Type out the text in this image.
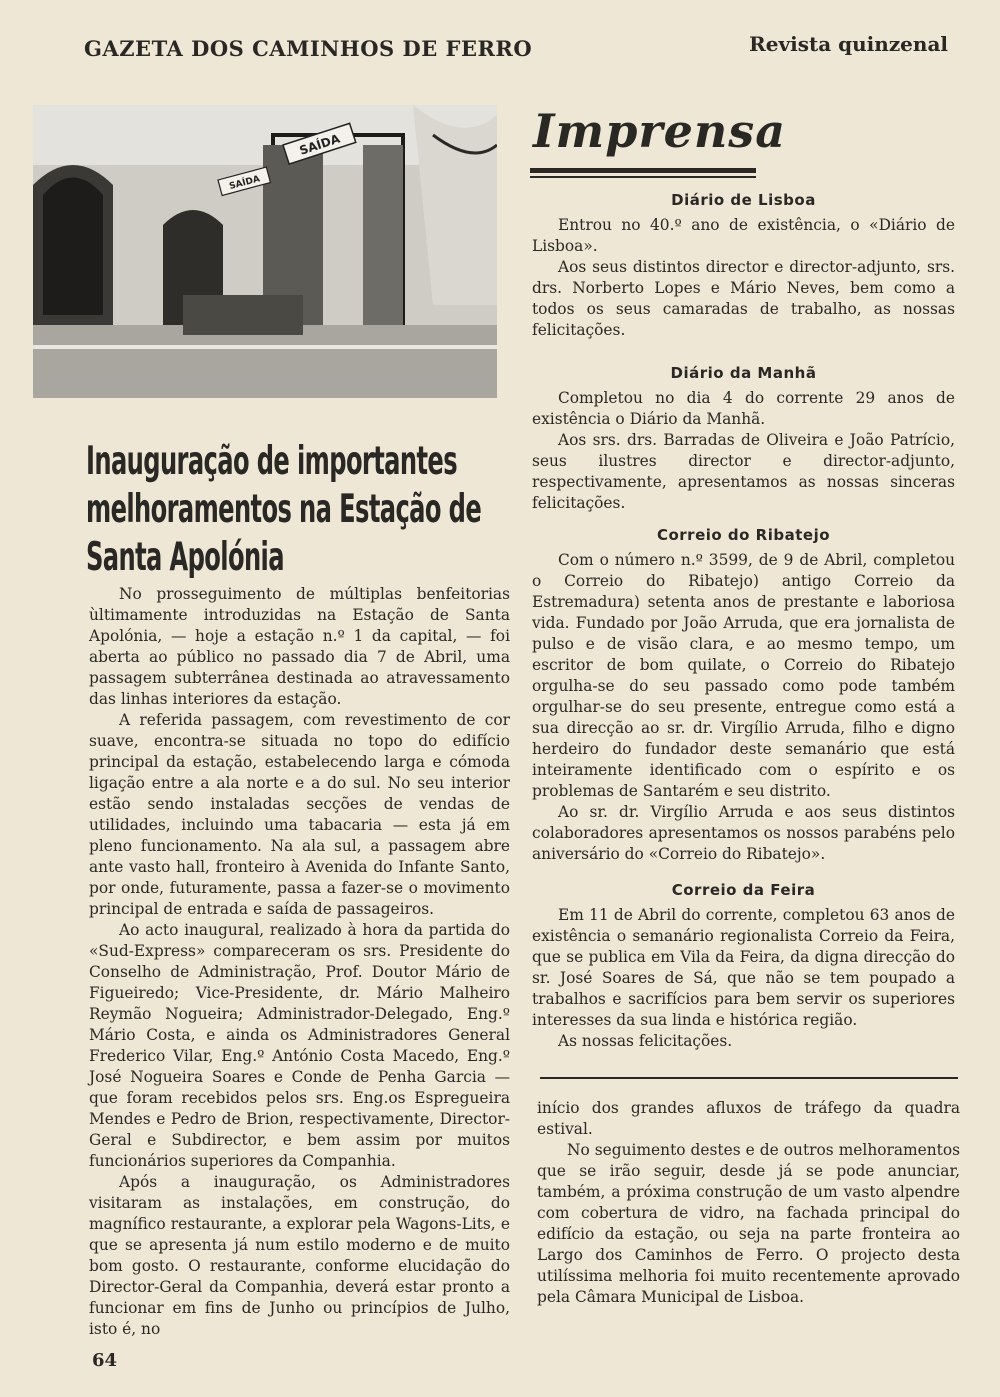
GAZETA DOS CAMINHOS DE FERRO	Revista quinzenal
SAÍDA
SAÍDA
Inauguração de importantes melhoramentos na Estação de Santa Apolónia

No prosseguimento de múltiplas benfeitorias ùltimamente introduzidas na Estação de Santa Apolónia, — hoje a estação n.º 1 da capital, — foi aberta ao público no passado dia 7 de Abril, uma passagem subterrânea destinada ao atravessamento das linhas interiores da estação.

A referida passagem, com revestimento de cor suave, encontra-se situada no topo do edifício principal da estação, estabelecendo larga e cómoda ligação entre a ala norte e a do sul. No seu interior estão sendo instaladas secções de vendas de utilidades, incluindo uma tabacaria — esta já em pleno funcionamento. Na ala sul, a passagem abre ante vasto hall, fronteiro à Avenida do Infante Santo, por onde, futuramente, passa a fazer-se o movimento principal de entrada e saída de passageiros.

Ao acto inaugural, realizado à hora da partida do «Sud-Express» compareceram os srs. Presidente do Conselho de Administração, Prof. Doutor Mário de Figueiredo; Vice-Presidente, dr. Mário Malheiro Reymão Nogueira; Administrador-Delegado, Eng.º Mário Costa, e ainda os Administradores General Frederico Vilar, Eng.º António Costa Macedo, Eng.º José Nogueira Soares e Conde de Penha Garcia — que foram recebidos pelos srs. Eng.os Espregueira Mendes e Pedro de Brion, respectivamente, Director-Geral e Subdirector, e bem assim por muitos funcionários superiores da Companhia.

Após a inauguração, os Administradores visitaram as instalações, em construção, do magnífico restaurante, a explorar pela Wagons-Lits, e que se apresenta já num estilo moderno e de muito bom gosto. O restaurante, conforme elucidação do Director-Geral da Companhia, deverá estar pronto a funcionar em fins de Junho ou princípios de Julho, isto é, no

Imprensa
Diário de Lisboa

Entrou no 40.º ano de existência, o «Diário de Lisboa».

Aos seus distintos director e director-adjunto, srs. drs. Norberto Lopes e Mário Neves, bem como a todos os seus camaradas de trabalho, as nossas felicitações.

Diário da Manhã

Completou no dia 4 do corrente 29 anos de existência o Diário da Manhã.

Aos srs. drs. Barradas de Oliveira e João Patrício, seus ilustres director e director-adjunto, respectivamente, apresentamos as nossas sinceras felicitações.

Correio do Ribatejo

Com o número n.º 3599, de 9 de Abril, completou o Correio do Ribatejo) antigo Correio da Estremadura) setenta anos de prestante e laboriosa vida. Fundado por João Arruda, que era jornalista de pulso e de visão clara, e ao mesmo tempo, um escritor de bom quilate, o Correio do Ribatejo orgulha-se do seu passado como pode também orgulhar-se do seu presente, entregue como está a sua direcção ao sr. dr. Virgílio Arruda, filho e digno herdeiro do fundador deste semanário que está inteiramente identificado com o espírito e os problemas de Santarém e seu distrito.

Ao sr. dr. Virgílio Arruda e aos seus distintos colaboradores apresentamos os nossos parabéns pelo aniversário do «Correio do Ribatejo».

Correio da Feira

Em 11 de Abril do corrente, completou 63 anos de existência o semanário regionalista Correio da Feira, que se publica em Vila da Feira, da digna direcção do sr. José Soares de Sá, que não se tem poupado a trabalhos e sacrifícios para bem servir os superiores interesses da sua linda e histórica região.

As nossas felicitações.

início dos grandes afluxos de tráfego da quadra estival.

No seguimento destes e de outros melhoramentos que se irão seguir, desde já se pode anunciar, também, a próxima construção de um vasto alpendre com cobertura de vidro, na fachada principal do edifício da estação, ou seja na parte fronteira ao Largo dos Caminhos de Ferro. O projecto desta utilíssima melhoria foi muito recentemente aprovado pela Câmara Municipal de Lisboa.

64
